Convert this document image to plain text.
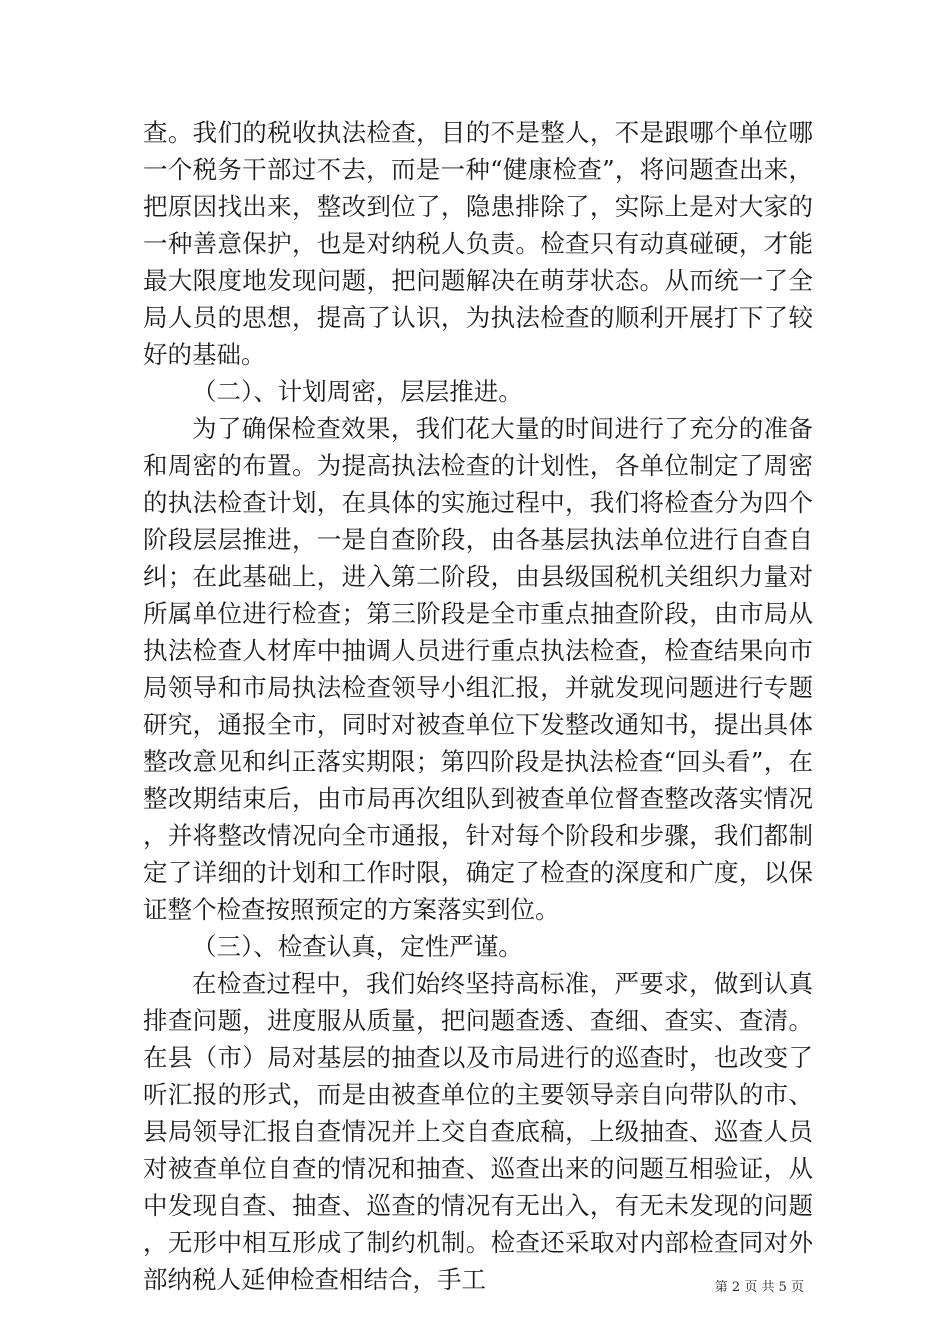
查。我们的税收执法检查，目的不是整人，不是跟哪个单位哪一个税务干部过不去，而是一种“健康检查”，将问题查出来，把原因找出来，整改到位了，隐患排除了，实际上是对大家的一种善意保护，也是对纳税人负责。检查只有动真碰硬，才能最大限度地发现问题，把问题解决在萌芽状态。从而统一了全局人员的思想，提高了认识，为执法检查的顺利开展打下了较好的基础。

（二）、计划周密，层层推进。

为了确保检查效果，我们花大量的时间进行了充分的准备和周密的布置。为提高执法检查的计划性，各单位制定了周密的执法检查计划，在具体的实施过程中，我们将检查分为四个阶段层层推进，一是自查阶段，由各基层执法单位进行自查自纠；在此基础上，进入第二阶段，由县级国税机关组织力量对所属单位进行检查；第三阶段是全市重点抽查阶段，由市局从执法检查人材库中抽调人员进行重点执法检查，检查结果向市局领导和市局执法检查领导小组汇报，并就发现问题进行专题研究，通报全市，同时对被查单位下发整改通知书，提出具体整改意见和纠正落实期限；第四阶段是执法检查“回头看”，在整改期结束后，由市局再次组队到被查单位督查整改落实情况，并将整改情况向全市通报，针对每个阶段和步骤，我们都制定了详细的计划和工作时限，确定了检查的深度和广度，以保证整个检查按照预定的方案落实到位。

（三）、检查认真，定性严谨。

在检查过程中，我们始终坚持高标准，严要求，做到认真排查问题，进度服从质量，把问题查透、查细、查实、查清。在县（市）局对基层的抽查以及市局进行的巡查时，也改变了听汇报的形式，而是由被查单位的主要领导亲自向带队的市、县局领导汇报自查情况并上交自查底稿，上级抽查、巡查人员对被查单位自查的情况和抽查、巡查出来的问题互相验证，从中发现自查、抽查、巡查的情况有无出入，有无未发现的问题，无形中相互形成了制约机制。检查还采取对内部检查同对外部纳税人延伸检查相结合，手工	第 2 页 共 5 页
